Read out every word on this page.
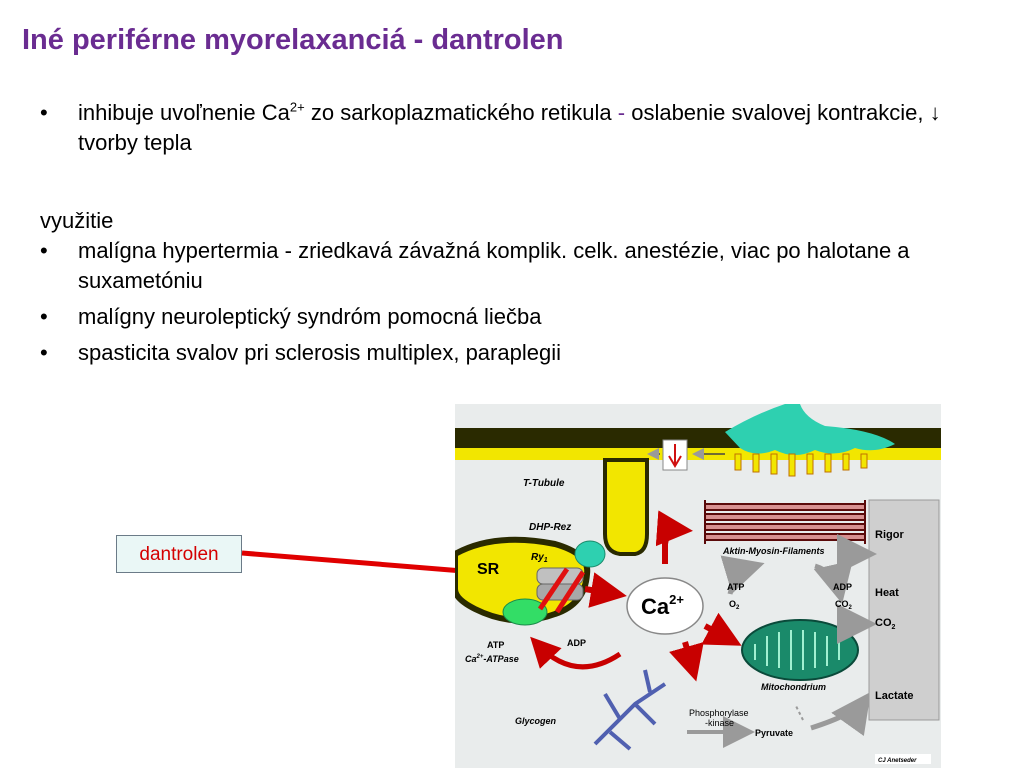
Iné periférne myorelaxanciá - dantrolen
• inhibuje uvoľnenie $Ca^{2+}$ zo sarkoplazmatického retikula - oslabenie svalovej kontrakcie, ↓ tvorby tepla
využitie
• malígna hypertermia - zriedkavá závažná komplik. celk. anestézie, viac po halotane a suxametóniu
• malígny neuroleptický syndróm pomocná liečba
• spasticita svalov pri sclerosis multiplex, paraplegii
dantrolen
T-Tubule
DHP-Rez
$Ry_1$
SR
ATP	ADP
$Ca^{2+}$-ATPase
$Ca^{2+}$
Aktin-Myosin-Filaments
ATP
$O_2$
ADP
$CO_2$
Mitochondrium
Glycogen
Phosphorylase
-kinase
Pyruvate
Rigor
Heat
$CO_2$
Lactate
CJ Anetseder
